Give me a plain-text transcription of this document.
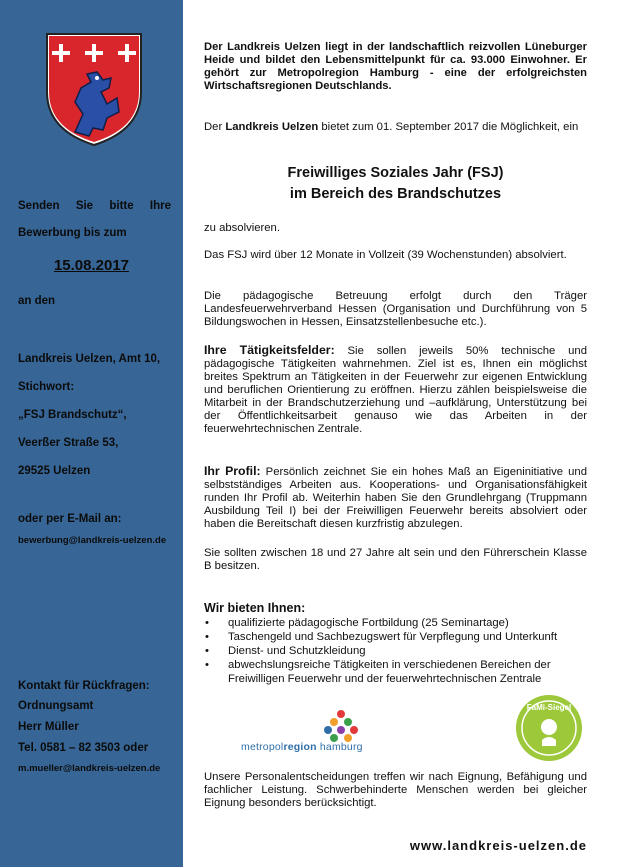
Senden Sie bitte Ihre
Bewerbung bis zum
15.08.2017
an den
Landkreis Uelzen, Amt 10,
Stichwort:
„FSJ Brandschutz“,
Veerßer Straße 53,
29525 Uelzen
oder per E-Mail an:
bewerbung@landkreis-uelzen.de
Kontakt für Rückfragen:
Ordnungsamt
Herr Müller
Tel. 0581 – 82 3503 oder
m.mueller@landkreis-uelzen.de

Der Landkreis Uelzen liegt in der landschaftlich reizvollen Lüneburger Heide und bildet den Lebensmittelpunkt für ca. 93.000 Einwohner. Er gehört zur Metropolregion Hamburg - eine der erfolgreichsten Wirtschaftsregionen Deutschlands.

Der Landkreis Uelzen bietet zum 01. September 2017 die Möglichkeit, ein

Freiwilliges Soziales Jahr (FSJ)
im Bereich des Brandschutzes

zu absolvieren.

Das FSJ wird über 12 Monate in Vollzeit (39 Wochenstunden) absolviert.

Die pädagogische Betreuung erfolgt durch den Träger Landesfeuerwehrverband Hessen (Organisation und Durchführung von 5 Bildungswochen in Hessen, Einsatzstellenbesuche etc.).

Ihre Tätigkeitsfelder: Sie sollen jeweils 50% technische und pädagogische Tätigkeiten wahrnehmen. Ziel ist es, Ihnen ein möglichst breites Spektrum an Tätigkeiten in der Feuerwehr zur eigenen Entwicklung und beruflichen Orientierung zu eröffnen. Hierzu zählen beispielsweise die Mitarbeit in der Brandschutzerziehung und –aufklärung, Unterstützung bei der Öffentlichkeitsarbeit genauso wie das Arbeiten in der feuerwehrtechnischen Zentrale.

Ihr Profil: Persönlich zeichnet Sie ein hohes Maß an Eigeninitiative und selbstständiges Arbeiten aus. Kooperations- und Organisationsfähigkeit runden Ihr Profil ab. Weiterhin haben Sie den Grundlehrgang (Truppmann Ausbildung Teil I) bei der Freiwilligen Feuerwehr bereits absolviert oder haben die Bereitschaft diesen kurzfristig abzulegen.

Sie sollten zwischen 18 und 27 Jahre alt sein und den Führerschein Klasse B besitzen.

Wir bieten Ihnen:
• qualifizierte pädagogische Fortbildung (25 Seminartage)
• Taschengeld und Sachbezugswert für Verpflegung und Unterkunft
• Dienst- und Schutzkleidung
• abwechslungsreiche Tätigkeiten in verschiedenen Bereichen der Freiwilligen Feuerwehr und der feuerwehrtechnischen Zentrale
metropolregion hamburg
FaMi-Siegel

Unsere Personalentscheidungen treffen wir nach Eignung, Befähigung und fachlicher Leistung. Schwerbehinderte Menschen werden bei gleicher Eignung besonders berücksichtigt.

www.landkreis-uelzen.de
